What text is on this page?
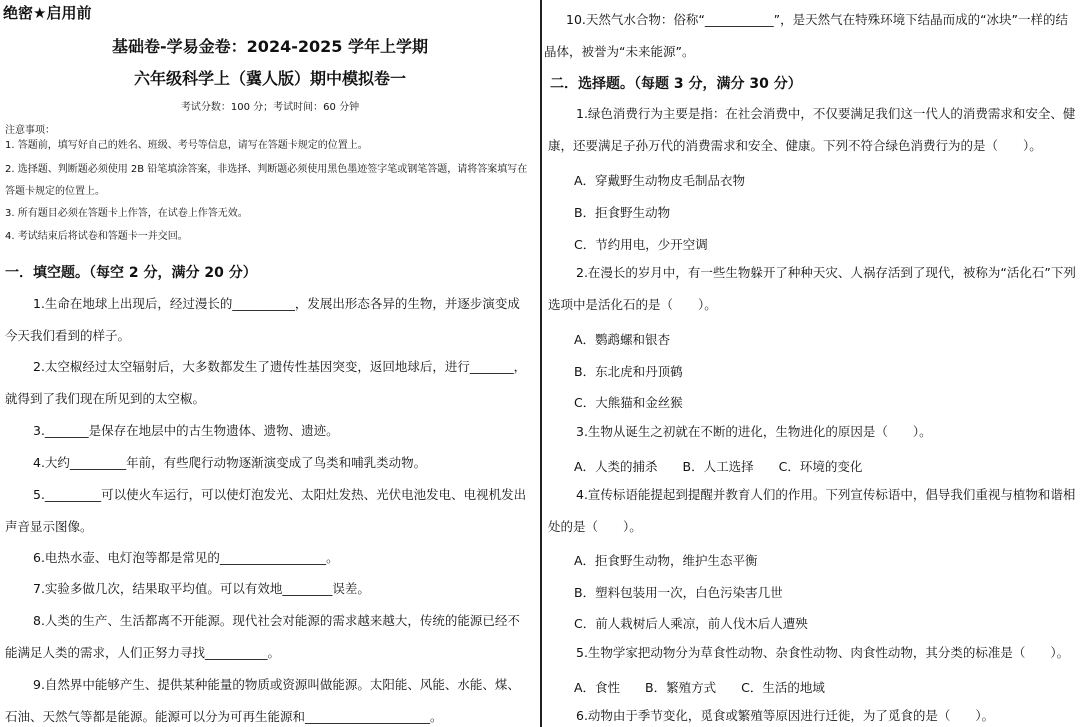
绝密★启用前
基础卷-学易金卷：2024-2025 学年上学期
六年级科学上（冀人版）期中模拟卷一
考试分数：100 分；考试时间：60 分钟
注意事项：
1. 答题前，填写好自己的姓名、班级、考号等信息，请写在答题卡规定的位置上。
2. 选择题、判断题必须使用 2B 铅笔填涂答案，非选择、判断题必须使用黑色墨迹签字笔或钢笔答题，请将答案填写在答题卡规定的位置上。
3. 所有题目必须在答题卡上作答，在试卷上作答无效。
4. 考试结束后将试卷和答题卡一并交回。
一．填空题。（每空 2 分，满分 20 分）
1.生命在地球上出现后，经过漫长的__________，发展出形态各异的生物，并逐步演变成今天我们看到的样子。
2.太空椒经过太空辐射后，大多数都发生了遗传性基因突变，返回地球后，进行_______，就得到了我们现在所见到的太空椒。
3._______是保存在地层中的古生物遗体、遗物、遗迹。
4.大约_________年前，有些爬行动物逐渐演变成了鸟类和哺乳类动物。
5._________可以使火车运行，可以使灯泡发光、太阳灶发热、光伏电池发电、电视机发出声音显示图像。
6.电热水壶、电灯泡等都是常见的_________________。
7.实验多做几次，结果取平均值。可以有效地________误差。
8.人类的生产、生活都离不开能源。现代社会对能源的需求越来越大，传统的能源已经不能满足人类的需求，人们正努力寻找__________。
9.自然界中能够产生、提供某种能量的物质或资源叫做能源。太阳能、风能、水能、煤、石油、天然气等都是能源。能源可以分为可再生能源和____________________。
10.天然气水合物：俗称“___________”，是天然气在特殊环境下结晶而成的“冰块”一样的结晶体，被誉为“未来能源”。
二．选择题。（每题 3 分，满分 30 分）
1.绿色消费行为主要是指：在社会消费中，不仅要满足我们这一代人的消费需求和安全、健康，还要满足子孙万代的消费需求和安全、健康。下列不符合绿色消费行为的是（　　）。
A．穿戴野生动物皮毛制品衣物
B．拒食野生动物
C．节约用电，少开空调
2.在漫长的岁月中，有一些生物躲开了种种天灾、人祸存活到了现代，被称为“活化石”下列选项中是活化石的是（　　）。
A．鹦鹉螺和银杏
B．东北虎和丹顶鹤
C．大熊猫和金丝猴
3.生物从诞生之初就在不断的进化，生物进化的原因是（　　）。
A．人类的捕杀　　B．人工选择　　C．环境的变化
4.宣传标语能提起到提醒并教育人们的作用。下列宣传标语中，倡导我们重视与植物和谐相处的是（　　）。
A．拒食野生动物，维护生态平衡
B．塑料包装用一次，白色污染害几世
C．前人栽树后人乘凉，前人伐木后人遭殃
5.生物学家把动物分为草食性动物、杂食性动物、肉食性动物，其分类的标准是（　　）。
A．食性　　B．繁殖方式　　C．生活的地域
6.动物由于季节变化，觅食或繁殖等原因进行迁徙，为了觅食的是（　　）。
